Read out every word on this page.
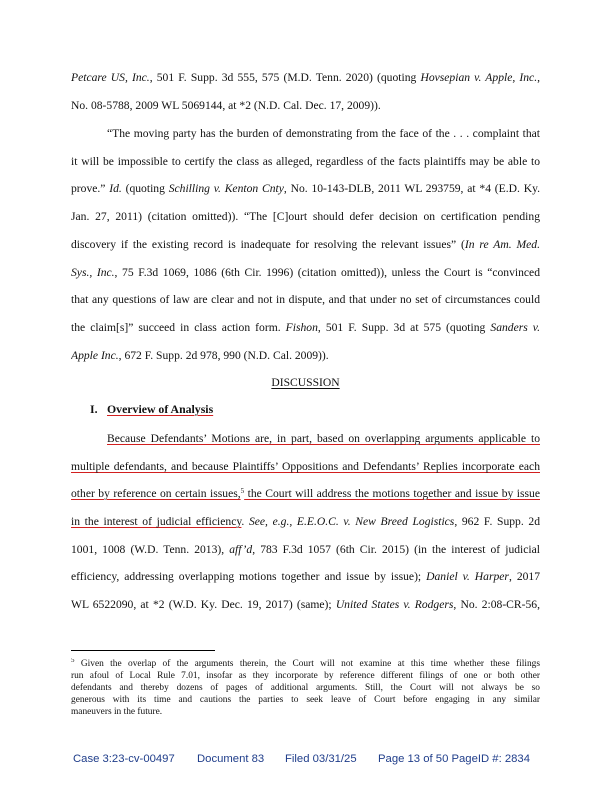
Petcare US, Inc., 501 F. Supp. 3d 555, 575 (M.D. Tenn. 2020) (quoting Hovsepian v. Apple, Inc.,
No. 08-5788, 2009 WL 5069144, at *2 (N.D. Cal. Dec. 17, 2009)).
“The moving party has the burden of demonstrating from the face of the . . . complaint that
it will be impossible to certify the class as alleged, regardless of the facts plaintiffs may be able to
prove.” Id. (quoting Schilling v. Kenton Cnty, No. 10-143-DLB, 2011 WL 293759, at *4 (E.D. Ky.
Jan. 27, 2011) (citation omitted)). “The [C]ourt should defer decision on certification pending
discovery if the existing record is inadequate for resolving the relevant issues” (In re Am. Med.
Sys., Inc., 75 F.3d 1069, 1086 (6th Cir. 1996) (citation omitted)), unless the Court is “convinced
that any questions of law are clear and not in dispute, and that under no set of circumstances could
the claim[s]” succeed in class action form. Fishon, 501 F. Supp. 3d at 575 (quoting Sanders v.
Apple Inc., 672 F. Supp. 2d 978, 990 (N.D. Cal. 2009)).
DISCUSSION
I. Overview of Analysis
Because Defendants’ Motions are, in part, based on overlapping arguments applicable to
multiple defendants, and because Plaintiffs’ Oppositions and Defendants’ Replies incorporate each
other by reference on certain issues,$^5$ the Court will address the motions together and issue by issue
in the interest of judicial efficiency. See, e.g., E.E.O.C. v. New Breed Logistics, 962 F. Supp. 2d
1001, 1008 (W.D. Tenn. 2013), aff’d, 783 F.3d 1057 (6th Cir. 2015) (in the interest of judicial
efficiency, addressing overlapping motions together and issue by issue); Daniel v. Harper, 2017
WL 6522090, at *2 (W.D. Ky. Dec. 19, 2017) (same); United States v. Rodgers, No. 2:08-CR-56,
$^5$ Given the overlap of the arguments therein, the Court will not examine at this time whether these filings
run afoul of Local Rule 7.01, insofar as they incorporate by reference different filings of one or both other
defendants and thereby dozens of pages of additional arguments. Still, the Court will not always be so
generous with its time and cautions the parties to seek leave of Court before engaging in any similar
maneuvers in the future.
Case 3:23-cv-00497 Document 83 Filed 03/31/25 Page 13 of 50 PageID #: 2834
